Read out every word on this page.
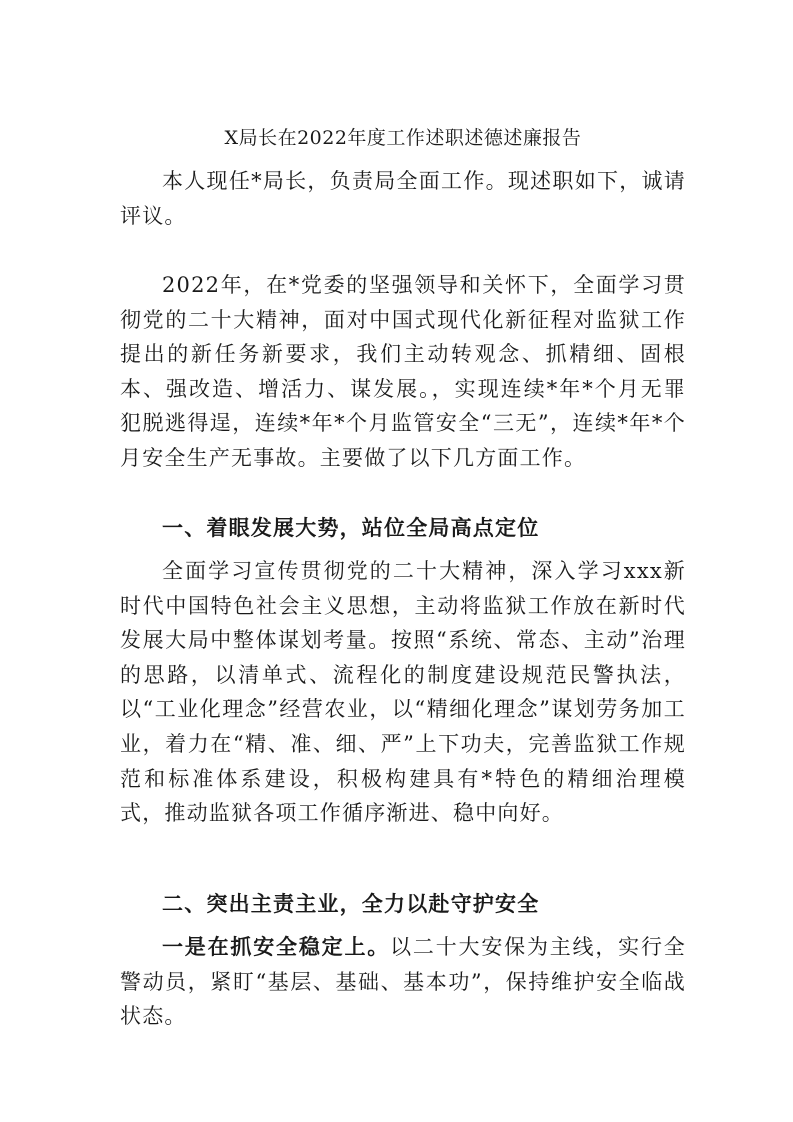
X局长在2022年度工作述职述德述廉报告

本人现任*局长，负责局全面工作。现述职如下，诚请评议。

2022年，在*党委的坚强领导和关怀下，全面学习贯彻党的二十大精神，面对中国式现代化新征程对监狱工作提出的新任务新要求，我们主动转观念、抓精细、固根本、强改造、增活力、谋发展。，实现连续*年*个月无罪犯脱逃得逞，连续*年*个月监管安全“三无”，连续*年*个月安全生产无事故。主要做了以下几方面工作。

一、着眼发展大势，站位全局高点定位

全面学习宣传贯彻党的二十大精神，深入学习xxx新时代中国特色社会主义思想，主动将监狱工作放在新时代发展大局中整体谋划考量。按照“系统、常态、主动”治理的思路，以清单式、流程化的制度建设规范民警执法，以“工业化理念”经营农业，以“精细化理念”谋划劳务加工业，着力在“精、准、细、严”上下功夫，完善监狱工作规范和标准体系建设，积极构建具有*特色的精细治理模式，推动监狱各项工作循序渐进、稳中向好。

二、突出主责主业，全力以赴守护安全

一是在抓安全稳定上。以二十大安保为主线，实行全警动员，紧盯“基层、基础、基本功”，保持维护安全临战状态。
